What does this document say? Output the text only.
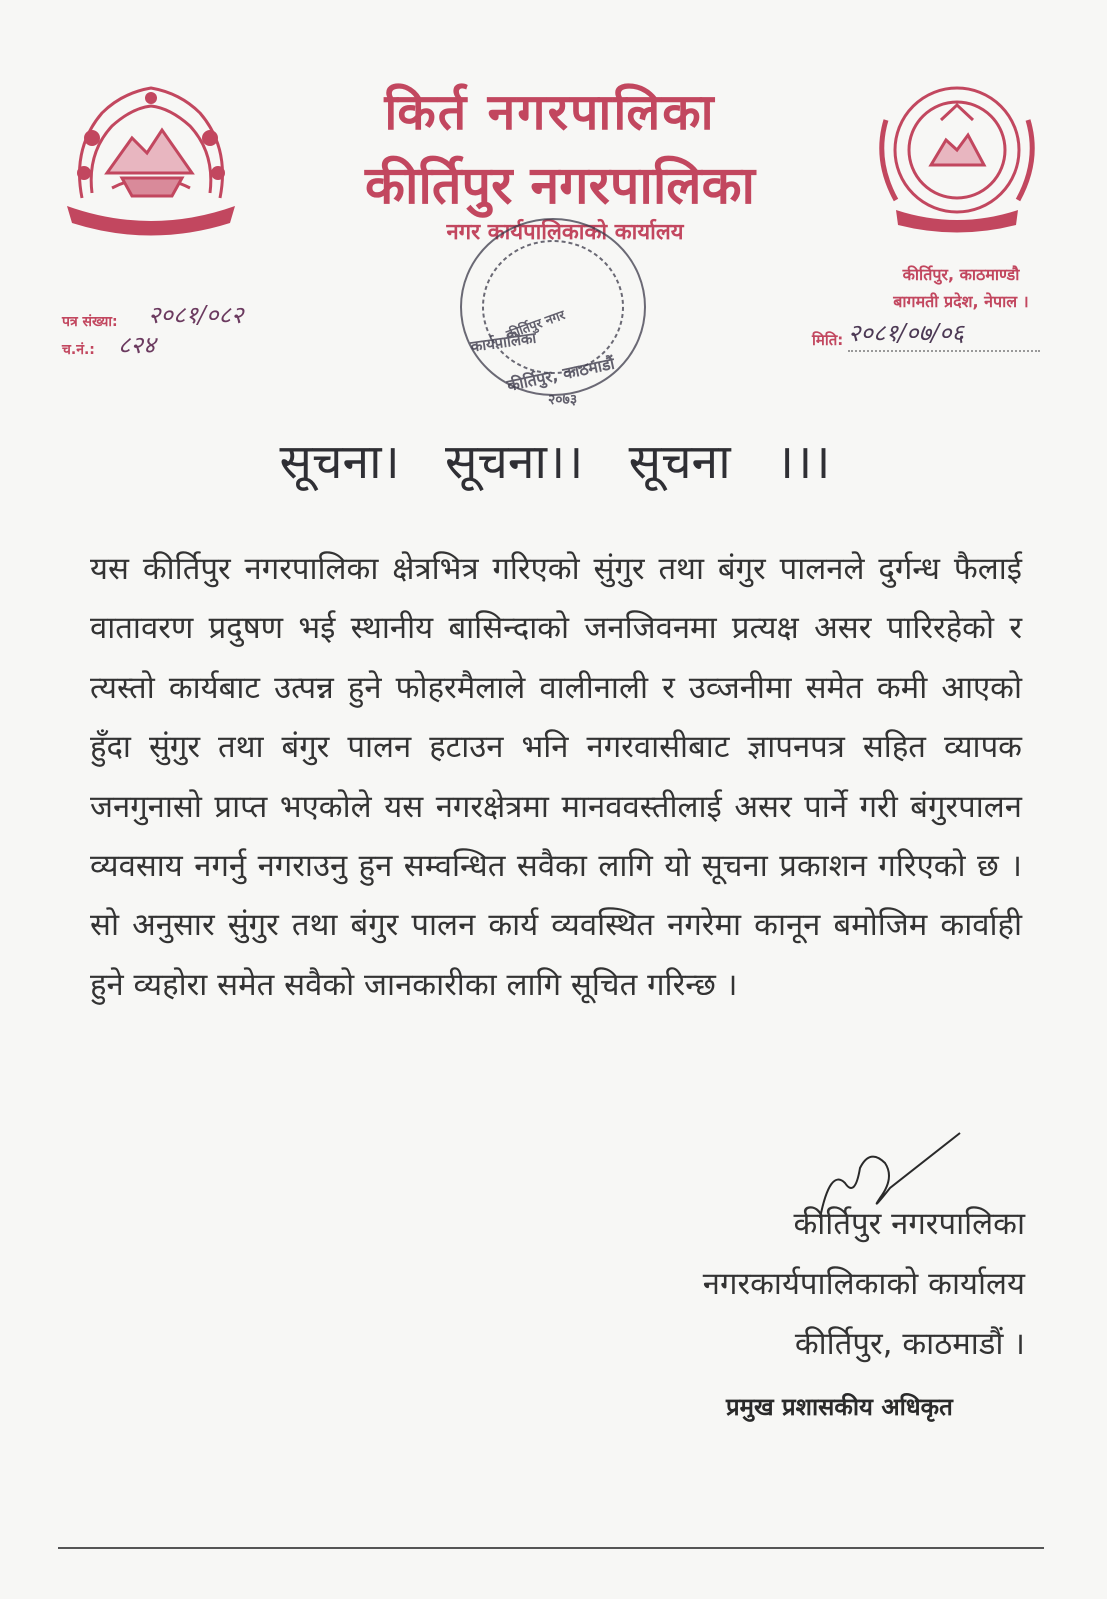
किर्त नगरपालिका
कीर्तिपुर नगरपालिका
नगर कार्यपालिकाको कार्यालय
कीर्तिपुर, काठमाण्डौ
बागमती प्रदेश, नेपाल ।
पत्र संख्या: २०८१/०८२
च.नं.: ८२४	मिति: २०८१/०७/०६
कीर्तिपुर नगर
कार्यपालिका
कीर्तिपुर, काठमाडौं
२०७३
सूचना। सूचना।। सूचना ।।।
यस कीर्तिपुर नगरपालिका क्षेत्रभित्र गरिएको सुंगुर तथा बंगुर पालनले दुर्गन्ध फैलाई वातावरण प्रदुषण भई स्थानीय बासिन्दाको जनजिवनमा प्रत्यक्ष असर पारिरहेको र त्यस्तो कार्यबाट उत्पन्न हुने फोहरमैलाले वालीनाली र उव्जनीमा समेत कमी आएको हुँदा सुंगुर तथा बंगुर पालन हटाउन भनि नगरवासीबाट ज्ञापनपत्र सहित व्यापक जनगुनासो प्राप्त भएकोले यस नगरक्षेत्रमा मानववस्तीलाई असर पार्ने गरी बंगुरपालन व्यवसाय नगर्नु नगराउनु हुन सम्वन्धित सवैका लागि यो सूचना प्रकाशन गरिएको छ । सो अनुसार सुंगुर तथा बंगुर पालन कार्य व्यवस्थित नगरेमा कानून बमोजिम कार्वाही हुने व्यहोरा समेत सवैको जानकारीका लागि सूचित गरिन्छ ।
कीर्तिपुर नगरपालिका
नगरकार्यपालिकाको कार्यालय
कीर्तिपुर, काठमाडौं ।
प्रमुख प्रशासकीय अधिकृत
